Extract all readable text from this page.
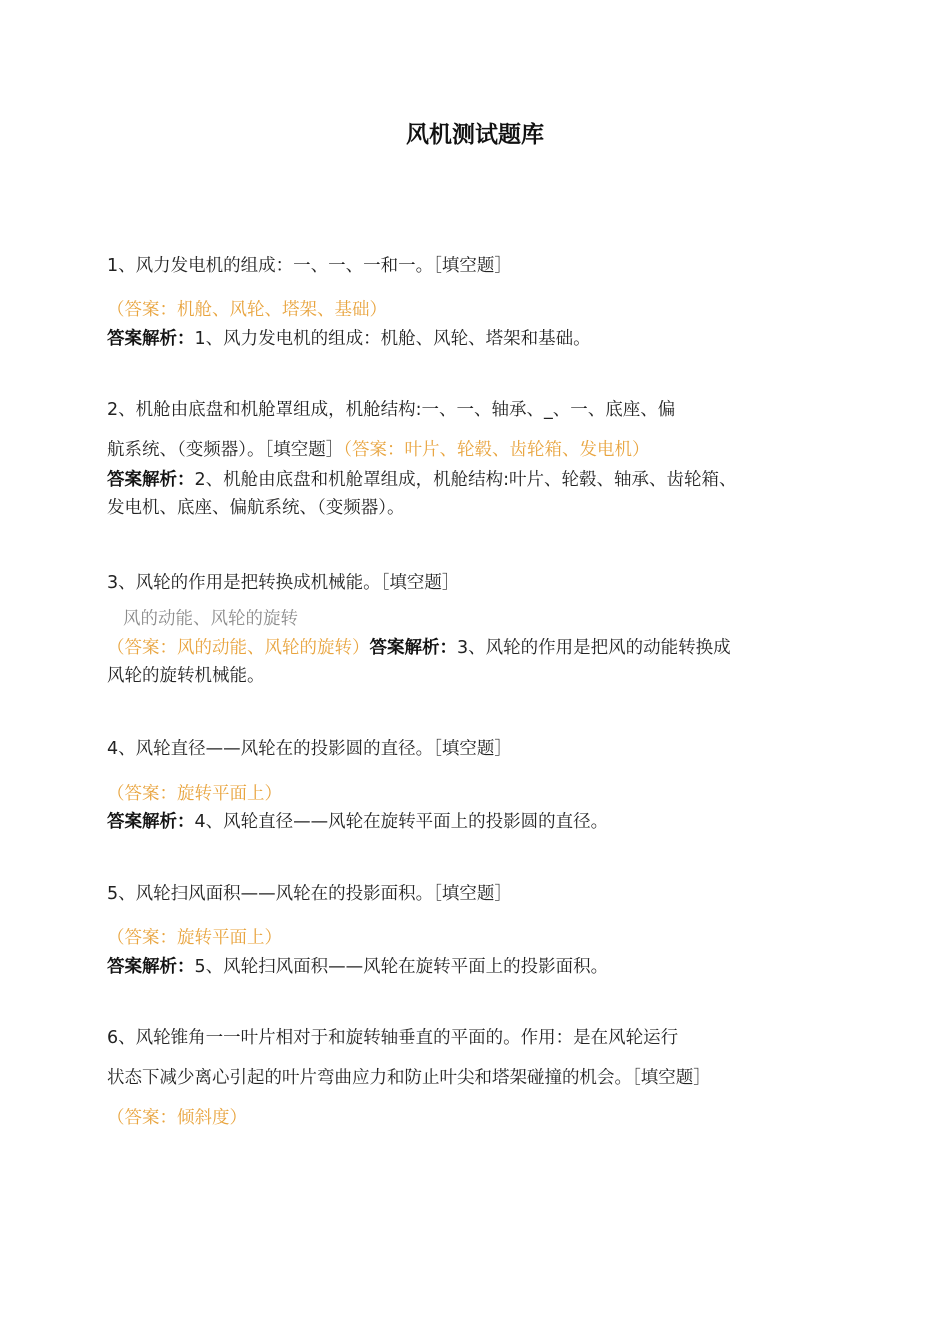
风机测试题库
1、风力发电机的组成：一、一、一和一。［填空题］
（答案：机舱、风轮、塔架、基础）
答案解析：1、风力发电机的组成：机舱、风轮、塔架和基础。
2、机舱由底盘和机舱罩组成，机舱结构:一、一、轴承、_、一、底座、偏
航系统、（变频器）。［填空题］（答案：叶片、轮毂、齿轮箱、发电机）
答案解析：2、机舱由底盘和机舱罩组成，机舱结构:叶片、轮毂、轴承、齿轮箱、
发电机、底座、偏航系统、（变频器）。
3、风轮的作用是把转换成机械能。［填空题］
风的动能、风轮的旋转
（答案：风的动能、风轮的旋转）答案解析：3、风轮的作用是把风的动能转换成
风轮的旋转机械能。
4、风轮直径——风轮在的投影圆的直径。［填空题］
（答案：旋转平面上）
答案解析：4、风轮直径——风轮在旋转平面上的投影圆的直径。
5、风轮扫风面积——风轮在的投影面积。［填空题］
（答案：旋转平面上）
答案解析：5、风轮扫风面积——风轮在旋转平面上的投影面积。
6、风轮锥角一一叶片相对于和旋转轴垂直的平面的。作用：是在风轮运行
状态下减少离心引起的叶片弯曲应力和防止叶尖和塔架碰撞的机会。［填空题］
（答案：倾斜度）
